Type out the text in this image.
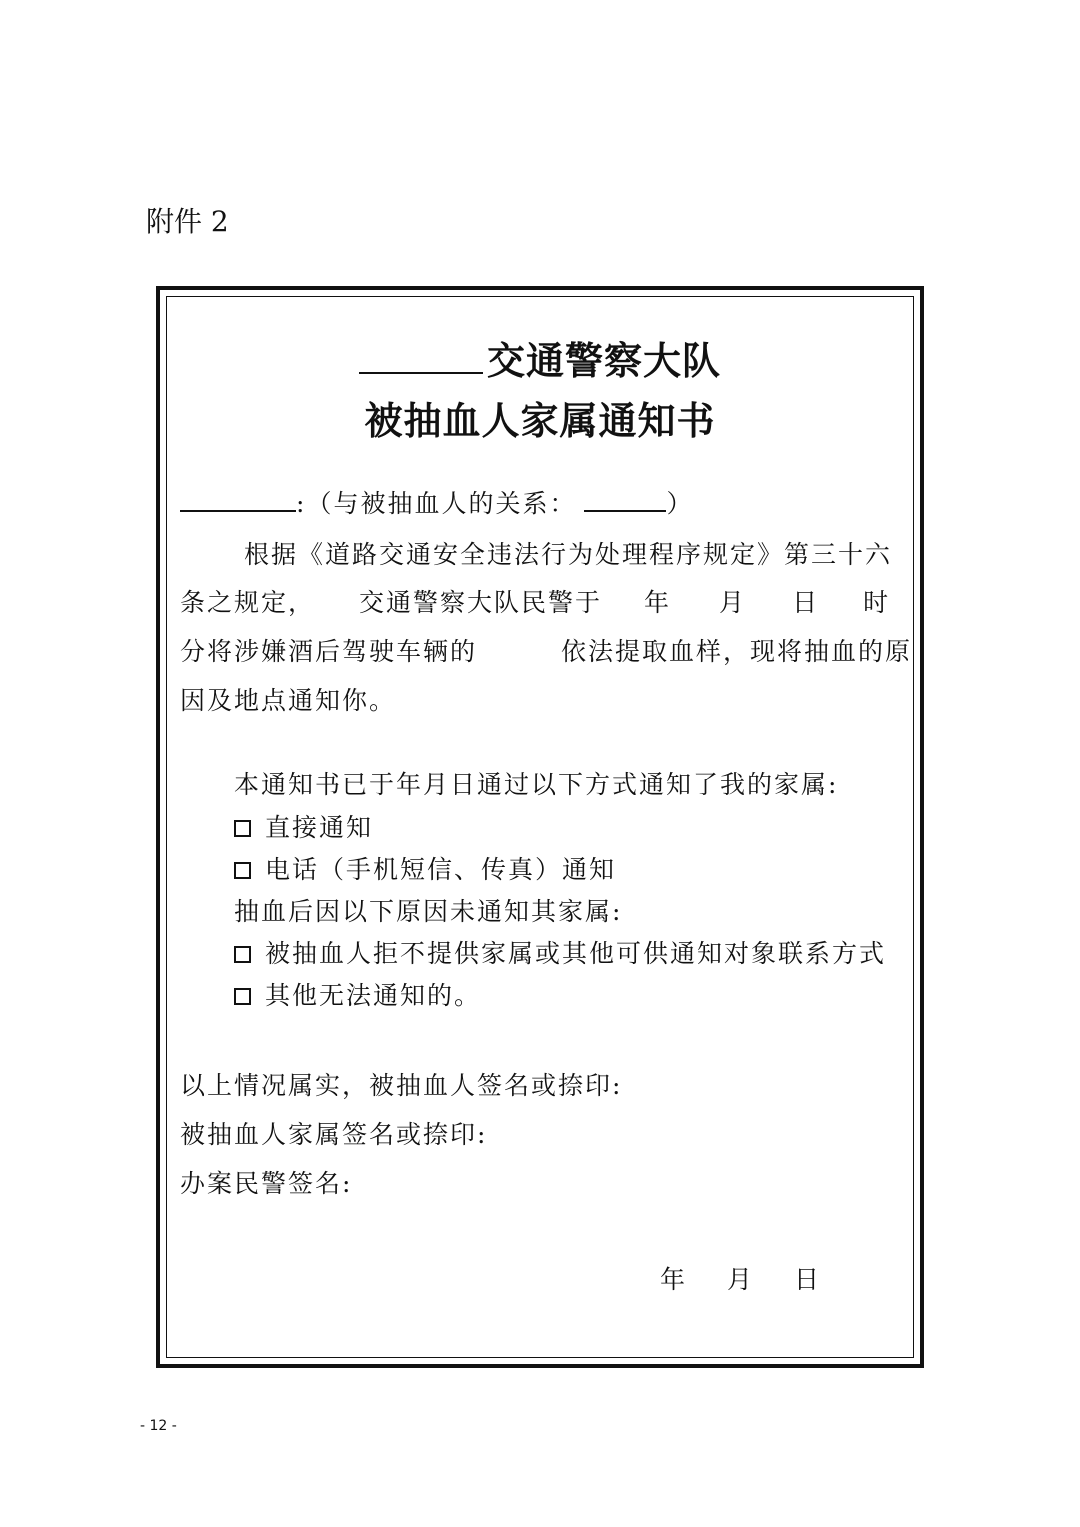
附件 2
交通警察大队
被抽血人家属通知书
:（与被抽血人的关系：	）
根据《道路交通安全违法行为处理程序规定》第三十六
条之规定， 交通警察大队民警于 年 月 日 时
分将涉嫌酒后驾驶车辆的	依法提取血样，现将抽血的原
因及地点通知你。
本通知书已于年月日通过以下方式通知了我的家属:
直接通知
电话（手机短信、传真）通知
抽血后因以下原因未通知其家属:
被抽血人拒不提供家属或其他可供通知对象联系方式
其他无法通知的。
以上情况属实，被抽血人签名或捺印:
被抽血人家属签名或捺印:
办案民警签名:
年 月 日
- 12 -
